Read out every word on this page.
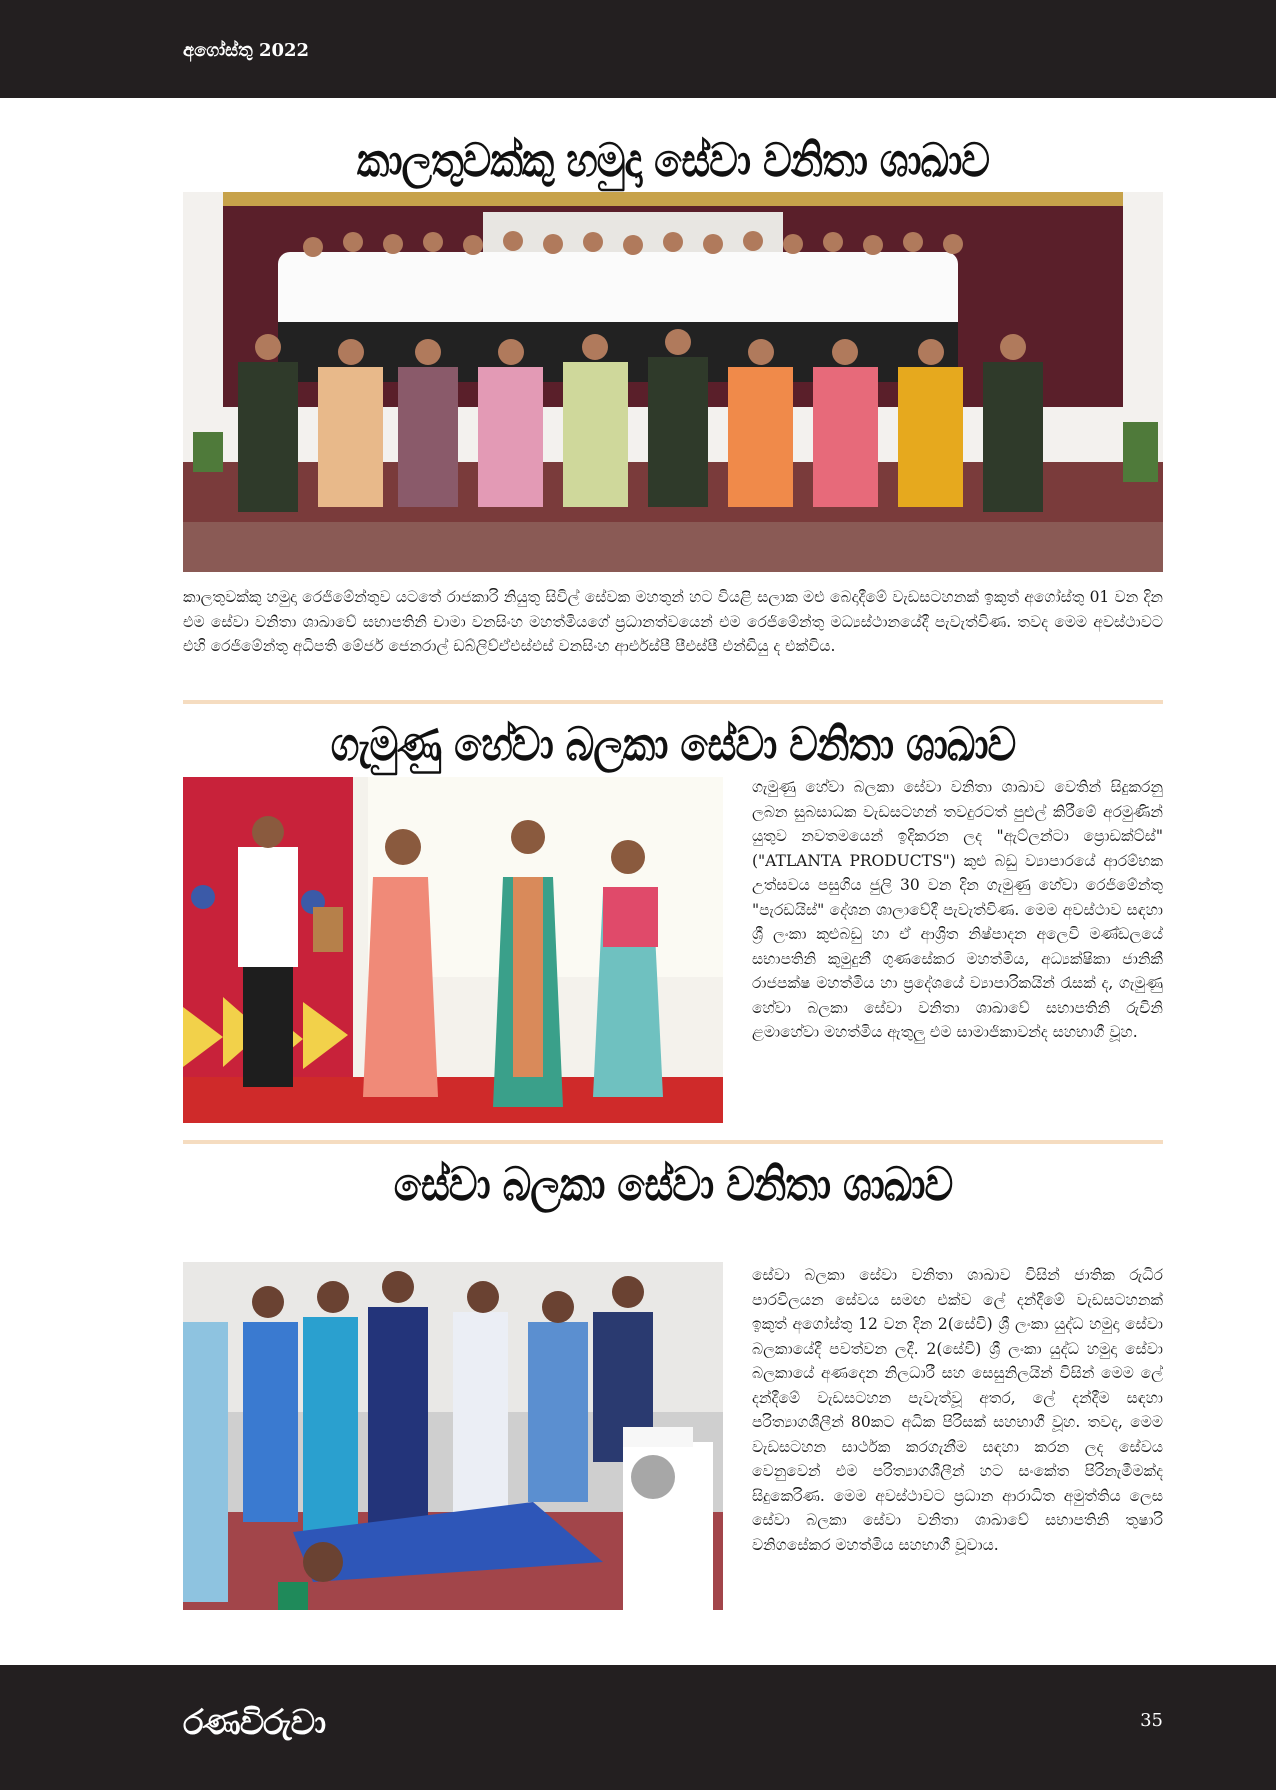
අගෝස්තු 2022
කාලතුවක්කු හමුදා සේවා වනිතා ශාඛාව

කාලතුවක්කු හමුදා රෙජිමේන්තුව යටතේ රාජකාරි නියුතු සිවිල් සේවක මහතුන් හට වියළි සලාක මළු බෙදාදීමේ වැඩසටහනක් ඉකුත් අගෝස්තු 01 වන දින එම සේවා වනිතා ශාඛාවේ සභාපතිනි චාමා වනසිංහ මහත්මියගේ ප්‍රධානත්වයෙන් එම රෙජිමේන්තු මධ්‍යස්ථානයේදී පැවැත්විණ. තවද මෙම අවස්ථාවට එහි රෙජිමේන්තු අධිපති මේජර් ජෙනරාල් ඩබ්ලිව්ඒඑස්එස් වනසිංහ ආර්එස්පී පීඑස්පී එන්ඩියු ද එක්විය.

ගැමුණු හේවා බලකා සේවා වනිතා ශාඛාව

ගැමුණු හේවා බලකා සේවා වනිතා ශාඛාව වෙතින් සිදුකරනු ලබන සුබසාධක වැඩසටහන් තවදුරටත් පුළුල් කිරීමේ අරමුණින් යුතුව නවතමයෙන් ඉදිකරන ලද "ඇට්ලන්ටා ප්‍රොඩක්ට්ස්" ("ATLANTA PRODUCTS") කුළු බඩු ව්‍යාපාරයේ ආරම්භක උත්සවය පසුගිය ජුලි 30 වන දින ගැමුණු හේවා රෙජිමේන්තු "පැරඩයිස්" දේශන ශාලාවේදී පැවැත්විණ. මෙම අවස්ථාව සඳහා ශ්‍රී ලංකා කුළුබඩු හා ඒ ආශ්‍රිත නිෂ්පාදන අලෙවි මණ්ඩලයේ සභාපතිනි කුමුදුනී ගුණසේකර මහත්මිය, අධ්‍යක්ෂිකා ජානිකී රාජපක්ෂ මහත්මිය හා ප්‍රදේශයේ ව්‍යාපාරිකයින් රැසක් ද, ගැමුණු හේවා බලකා සේවා වනිතා ශාඛාවේ සභාපතිනි රුචිනි ළමාහේවා මහත්මිය ඇතුලු එම සාමාජිකාවන්ද සහභාගී වූහ.

සේවා බලකා සේවා වනිතා ශාඛාව

සේවා බලකා සේවා වනිතා ශාඛාව විසින් ජාතික රුධිර පාරවිලයන සේවය සමඟ එක්ව ලේ දන්දීමේ වැඩසටහනක් ඉකුත් අගෝස්තු 12 වන දින 2(සේවි) ශ්‍රී ලංකා යුද්ධ හමුදා සේවා බලකායේදී පවත්වන ලදී. 2(සේවි) ශ්‍රී ලංකා යුද්ධ හමුදා සේවා බලකායේ අණදෙන නිලධාරී සහ සෙසුනිලයින් විසින් මෙම ලේ දන්දීමේ වැඩසටහන පැවැත්වූ අතර, ලේ දන්දීම සඳහා පරිත්‍යාගශීලීන් 80කට අධික පිරිසක් සහභාගී වූහ. තවද, මෙම වැඩසටහන සාර්ථක කරගැනීම සඳහා කරන ලද සේවය වෙනුවෙන් එම පරිත්‍යාගශීලීන් හට සංකේත පිරිනැමීමක්ද සිදුකෙරිණ. මෙම අවස්ථාවට ප්‍රධාන ආරාධිත අමුත්තිය ලෙස සේවා බලකා සේවා වනිතා ශාඛාවේ සභාපතිනි තුෂාරි වනිගසේකර මහත්මිය සහභාගී වූවාය.

රණවිරුවා	35
